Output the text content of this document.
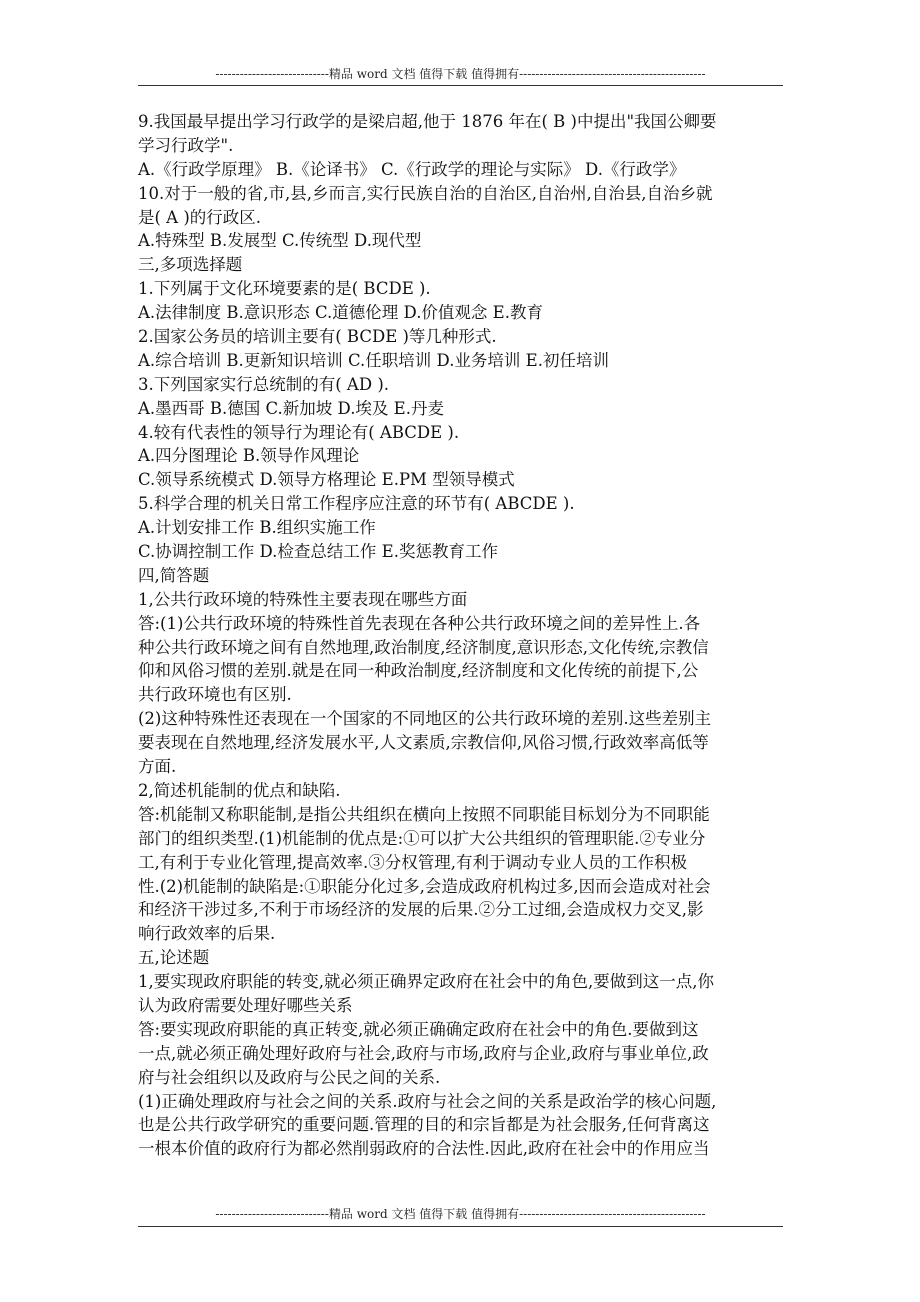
----------------------------精品 word 文档 值得下载 值得拥有----------------------------------------------
9.我国最早提出学习行政学的是梁启超,他于 1876 年在( B )中提出"我国公卿要
学习行政学".
A.《行政学原理》 B.《论译书》 C.《行政学的理论与实际》 D.《行政学》
10.对于一般的省,市,县,乡而言,实行民族自治的自治区,自治州,自治县,自治乡就
是( A )的行政区.
A.特殊型 B.发展型 C.传统型 D.现代型
三,多项选择题
1.下列属于文化环境要素的是( BCDE ).
A.法律制度 B.意识形态 C.道德伦理 D.价值观念 E.教育
2.国家公务员的培训主要有( BCDE )等几种形式.
A.综合培训 B.更新知识培训 C.任职培训 D.业务培训 E.初任培训
3.下列国家实行总统制的有( AD ).
A.墨西哥 B.德国 C.新加坡 D.埃及 E.丹麦
4.较有代表性的领导行为理论有( ABCDE ).
A.四分图理论 B.领导作风理论
C.领导系统模式 D.领导方格理论 E.PM 型领导模式
5.科学合理的机关日常工作程序应注意的环节有( ABCDE ).
A.计划安排工作 B.组织实施工作
C.协调控制工作 D.检查总结工作 E.奖惩教育工作
四,简答题
1,公共行政环境的特殊性主要表现在哪些方面
答:(1)公共行政环境的特殊性首先表现在各种公共行政环境之间的差异性上.各
种公共行政环境之间有自然地理,政治制度,经济制度,意识形态,文化传统,宗教信
仰和风俗习惯的差别.就是在同一种政治制度,经济制度和文化传统的前提下,公
共行政环境也有区别.
(2)这种特殊性还表现在一个国家的不同地区的公共行政环境的差别.这些差别主
要表现在自然地理,经济发展水平,人文素质,宗教信仰,风俗习惯,行政效率高低等
方面.
2,简述机能制的优点和缺陷.
答:机能制又称职能制,是指公共组织在横向上按照不同职能目标划分为不同职能
部门的组织类型.(1)机能制的优点是:①可以扩大公共组织的管理职能.②专业分
工,有利于专业化管理,提高效率.③分权管理,有利于调动专业人员的工作积极
性.(2)机能制的缺陷是:①职能分化过多,会造成政府机构过多,因而会造成对社会
和经济干涉过多,不利于市场经济的发展的后果.②分工过细,会造成权力交叉,影
响行政效率的后果.
五,论述题
1,要实现政府职能的转变,就必须正确界定政府在社会中的角色,要做到这一点,你
认为政府需要处理好哪些关系
答:要实现政府职能的真正转变,就必须正确确定政府在社会中的角色.要做到这
一点,就必须正确处理好政府与社会,政府与市场,政府与企业,政府与事业单位,政
府与社会组织以及政府与公民之间的关系.
(1)正确处理政府与社会之间的关系.政府与社会之间的关系是政治学的核心问题,
也是公共行政学研究的重要问题.管理的目的和宗旨都是为社会服务,任何背离这
一根本价值的政府行为都必然削弱政府的合法性.因此,政府在社会中的作用应当
----------------------------精品 word 文档 值得下载 值得拥有----------------------------------------------
